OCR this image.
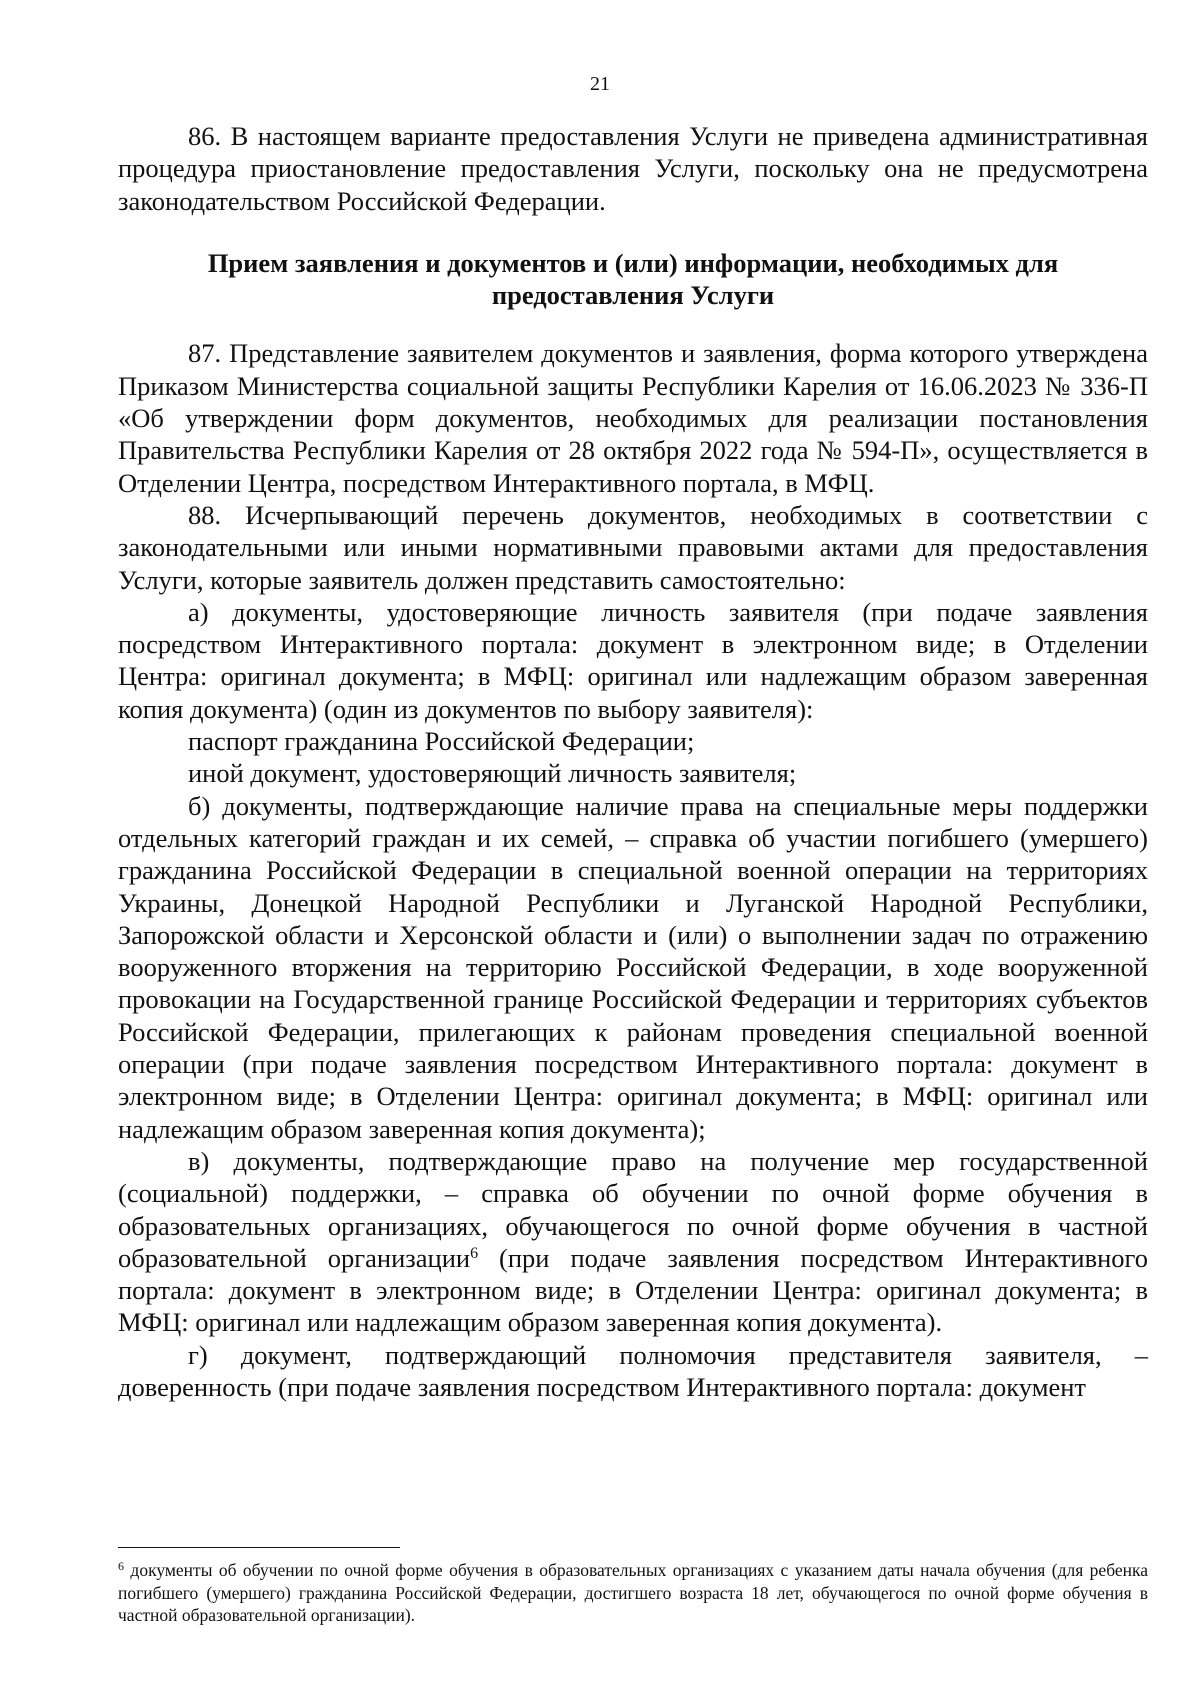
21

86. В настоящем варианте предоставления Услуги не приведена административная процедура приостановление предоставления Услуги, поскольку она не предусмотрена законодательством Российской Федерации.

Прием заявления и документов и (или) информации, необходимых для предоставления Услуги

87. Представление заявителем документов и заявления, форма которого утверждена Приказом Министерства социальной защиты Республики Карелия от 16.06.2023 № 336-П «Об утверждении форм документов, необходимых для реализации постановления Правительства Республики Карелия от 28 октября 2022 года № 594-П», осуществляется в Отделении Центра, посредством Интерактивного портала, в МФЦ.

88. Исчерпывающий перечень документов, необходимых в соответствии с законодательными или иными нормативными правовыми актами для предоставления Услуги, которые заявитель должен представить самостоятельно:

а) документы, удостоверяющие личность заявителя (при подаче заявления посредством Интерактивного портала: документ в электронном виде; в Отделении Центра: оригинал документа; в МФЦ: оригинал или надлежащим образом заверенная копия документа) (один из документов по выбору заявителя):

паспорт гражданина Российской Федерации;

иной документ, удостоверяющий личность заявителя;

б) документы, подтверждающие наличие права на специальные меры поддержки отдельных категорий граждан и их семей, – справка об участии погибшего (умершего) гражданина Российской Федерации в специальной военной операции на территориях Украины, Донецкой Народной Республики и Луганской Народной Республики, Запорожской области и Херсонской области и (или) о выполнении задач по отражению вооруженного вторжения на территорию Российской Федерации, в ходе вооруженной провокации на Государственной границе Российской Федерации и территориях субъектов Российской Федерации, прилегающих к районам проведения специальной военной операции (при подаче заявления посредством Интерактивного портала: документ в электронном виде; в Отделении Центра: оригинал документа; в МФЦ: оригинал или надлежащим образом заверенная копия документа);

в) документы, подтверждающие право на получение мер государственной (социальной) поддержки, – справка об обучении по очной форме обучения в образовательных организациях, обучающегося по очной форме обучения в частной образовательной организации$^6$ (при подаче заявления посредством Интерактивного портала: документ в электронном виде; в Отделении Центра: оригинал документа; в МФЦ: оригинал или надлежащим образом заверенная копия документа).

г) документ, подтверждающий полномочия представителя заявителя, – доверенность (при подаче заявления посредством Интерактивного портала: документ

$^6$ документы об обучении по очной форме обучения в образовательных организациях с указанием даты начала обучения (для ребенка погибшего (умершего) гражданина Российской Федерации, достигшего возраста 18 лет, обучающегося по очной форме обучения в частной образовательной организации).
